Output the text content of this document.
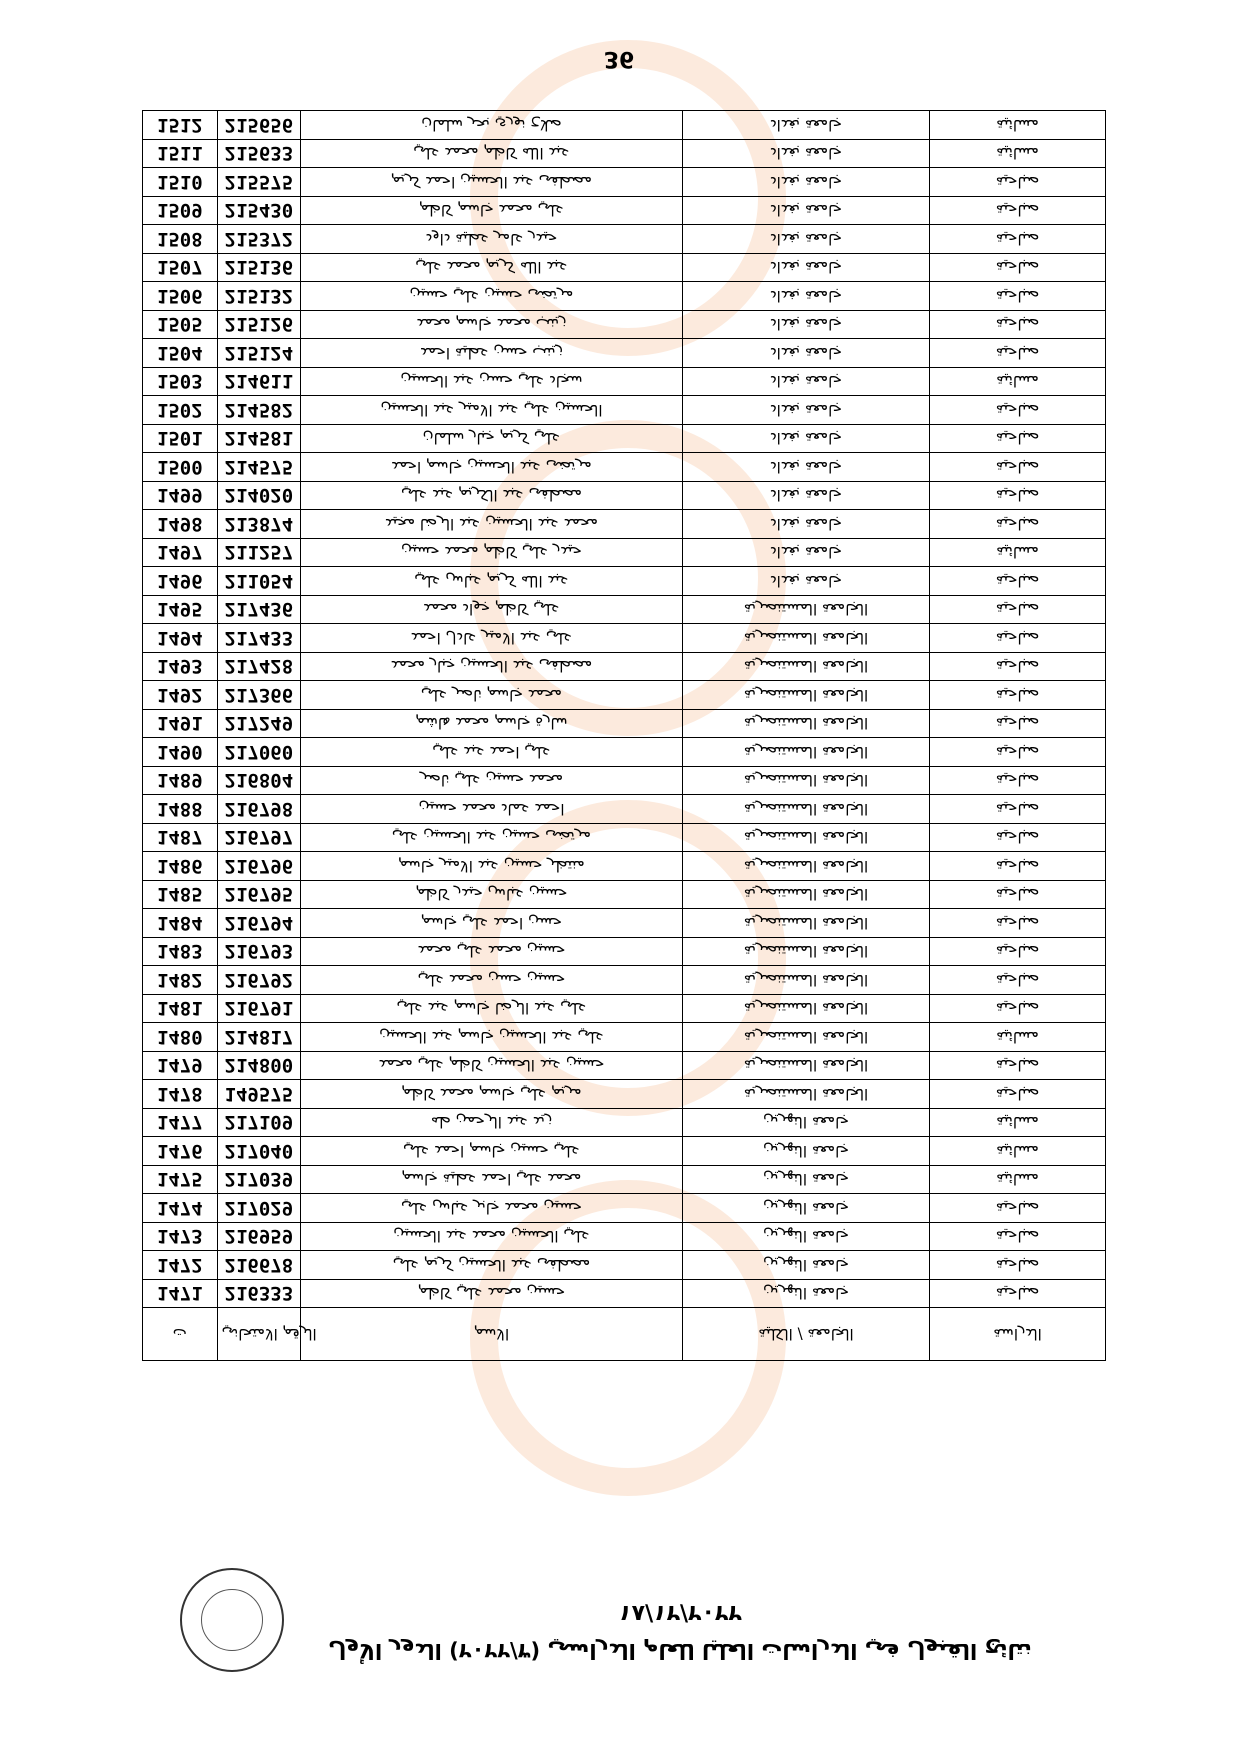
36
1512	215656	صلاح نوري بحر سلمان	جامعة بغداد	مسائية
1511	215633	عبد الله كاظم محمد علي	جامعة بغداد	مسائية
1510	215575	مصطفى عبد الحسين احمد كريم	جامعة بغداد	صباحية
1509	215430	علي محمد جاسم كاظم	جامعة بغداد	صباحية
1508	215372	حيدر عامر عطية داود	جامعة بغداد	صباحية
1507	215136	عبد الله كريم محمد علي	جامعة بغداد	صباحية
1506	215132	مرتضى حسين علي حسين	جامعة بغداد	صباحية
1505	215126	زينب محمد جاسم محمد	جامعة بغداد	صباحية
1504	215124	زينب حسن عطية احمد	جامعة بغداد	صباحية
1503	214611	سجاد علي حسن عبد الحسين	جامعة بغداد	مسائية
1502	214582	الحسين علي عبد الامير عبد الحسين	جامعة بغداد	صباحية
1501	214581	علي كريم جبار سلمان	جامعة بغداد	صباحية
1500	214575	مرتضى عبد الحسين جاسم احمد	جامعة بغداد	صباحية
1499	214020	مصطفى عبد الكريم عبد علي	جامعة بغداد	صباحية
1498	213874	محمد عبد الحسين عبد الرضا مجيد	جامعة بغداد	صباحية
1497	211257	حيدر علي كاظم محمد حسين	جامعة بغداد	مسائية
1496	211054	عبد الله كريم عباس علي	جامعة بغداد	صباحية
1495	217436	علي كاظم جواد محمد	الجامعة المستنصرية	صباحية
1494	217433	علي عبد الامير عادل احمد	الجامعة المستنصرية	صباحية
1493	217428	مصطفى عبد الحسين جبار محمد	الجامعة المستنصرية	صباحية
1492	217366	محمد جاسم ناصر علي	الجامعة المستنصرية	صباحية
1491	217249	سارة جاسم محمد هاشم	الجامعة المستنصرية	صباحية
1490	217060	علي احمد عبد علي	الجامعة المستنصرية	صباحية
1489	216804	محمد حسين علي ناصر	الجامعة المستنصرية	صباحية
1488	216798	احمد عماد محمد حسين	الجامعة المستنصرية	صباحية
1487	216797	مرتضى حسين عبد الحسين علي	الجامعة المستنصرية	صباحية
1486	216796	منتظر حسين عبد الامير جاسم	الجامعة المستنصرية	صباحية
1485	216795	حسين عباس حيدر كاظم	الجامعة المستنصرية	صباحية
1484	216794	حسن احمد علي جاسم	الجامعة المستنصرية	صباحية
1483	216793	حسين محمد علي محمد	الجامعة المستنصرية	صباحية
1482	216792	حسين حسن محمد علي	الجامعة المستنصرية	صباحية
1481	216791	علي عبد الرضا جاسم عبد علي	الجامعة المستنصرية	صباحية
1480	214817	علي عبد الحسين جاسم عبد الحسين	الجامعة المستنصرية	مسائية
1479	214800	حسين عبد الحسين كاظم علي محمد	الجامعة المستنصرية	صباحية
1478	149575	مريم علي جاسم محمد كاظم	الجامعة المستنصرية	صباحية
1477	217109	زيد عبد الرحمن طه	جامعة النهرين	مسائية
1476	217040	علي حسين جاسم احمد علي	جامعة النهرين	مسائية
1475	217039	محمد علي احمد عطية جاسم	جامعة النهرين	مسائية
1474	217029	حسين محمد جابر عباس علي	جامعة النهرين	صباحية
1473	216959	علي الحسين محمد عبد الحسين	جامعة النهرين	صباحية
1472	216678	مصطفى عبد الحسين كريم علي	جامعة النهرين	صباحية
1471	216333	حسين محمد علي كاظم	جامعة النهرين	صباحية
ت	الرقم الامتحاني	الاسم	الجامعة / الكلية	الدراسة
١٨/١٢/٢٠٢٢
نتائج القبول في الدراسات العليا للعام الدراسي (٢٠٢٢/٣) الدور الأول
